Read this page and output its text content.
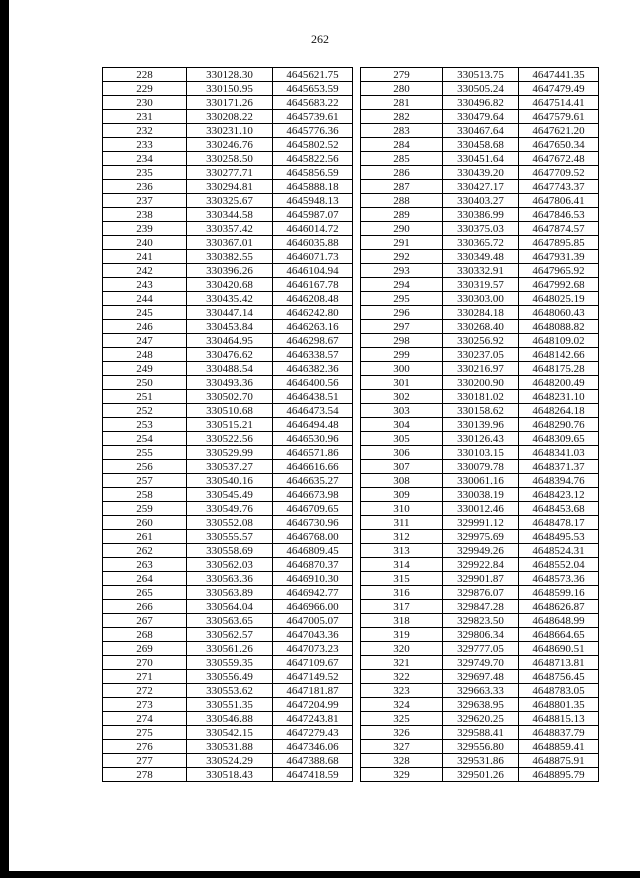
262
228	330128.30	4645621.75
229	330150.95	4645653.59
230	330171.26	4645683.22
231	330208.22	4645739.61
232	330231.10	4645776.36
233	330246.76	4645802.52
234	330258.50	4645822.56
235	330277.71	4645856.59
236	330294.81	4645888.18
237	330325.67	4645948.13
238	330344.58	4645987.07
239	330357.42	4646014.72
240	330367.01	4646035.88
241	330382.55	4646071.73
242	330396.26	4646104.94
243	330420.68	4646167.78
244	330435.42	4646208.48
245	330447.14	4646242.80
246	330453.84	4646263.16
247	330464.95	4646298.67
248	330476.62	4646338.57
249	330488.54	4646382.36
250	330493.36	4646400.56
251	330502.70	4646438.51
252	330510.68	4646473.54
253	330515.21	4646494.48
254	330522.56	4646530.96
255	330529.99	4646571.86
256	330537.27	4646616.66
257	330540.16	4646635.27
258	330545.49	4646673.98
259	330549.76	4646709.65
260	330552.08	4646730.96
261	330555.57	4646768.00
262	330558.69	4646809.45
263	330562.03	4646870.37
264	330563.36	4646910.30
265	330563.89	4646942.77
266	330564.04	4646966.00
267	330563.65	4647005.07
268	330562.57	4647043.36
269	330561.26	4647073.23
270	330559.35	4647109.67
271	330556.49	4647149.52
272	330553.62	4647181.87
273	330551.35	4647204.99
274	330546.88	4647243.81
275	330542.15	4647279.43
276	330531.88	4647346.06
277	330524.29	4647388.68
278	330518.43	4647418.59
279	330513.75	4647441.35
280	330505.24	4647479.49
281	330496.82	4647514.41
282	330479.64	4647579.61
283	330467.64	4647621.20
284	330458.68	4647650.34
285	330451.64	4647672.48
286	330439.20	4647709.52
287	330427.17	4647743.37
288	330403.27	4647806.41
289	330386.99	4647846.53
290	330375.03	4647874.57
291	330365.72	4647895.85
292	330349.48	4647931.39
293	330332.91	4647965.92
294	330319.57	4647992.68
295	330303.00	4648025.19
296	330284.18	4648060.43
297	330268.40	4648088.82
298	330256.92	4648109.02
299	330237.05	4648142.66
300	330216.97	4648175.28
301	330200.90	4648200.49
302	330181.02	4648231.10
303	330158.62	4648264.18
304	330139.96	4648290.76
305	330126.43	4648309.65
306	330103.15	4648341.03
307	330079.78	4648371.37
308	330061.16	4648394.76
309	330038.19	4648423.12
310	330012.46	4648453.68
311	329991.12	4648478.17
312	329975.69	4648495.53
313	329949.26	4648524.31
314	329922.84	4648552.04
315	329901.87	4648573.36
316	329876.07	4648599.16
317	329847.28	4648626.87
318	329823.50	4648648.99
319	329806.34	4648664.65
320	329777.05	4648690.51
321	329749.70	4648713.81
322	329697.48	4648756.45
323	329663.33	4648783.05
324	329638.95	4648801.35
325	329620.25	4648815.13
326	329588.41	4648837.79
327	329556.80	4648859.41
328	329531.86	4648875.91
329	329501.26	4648895.79
